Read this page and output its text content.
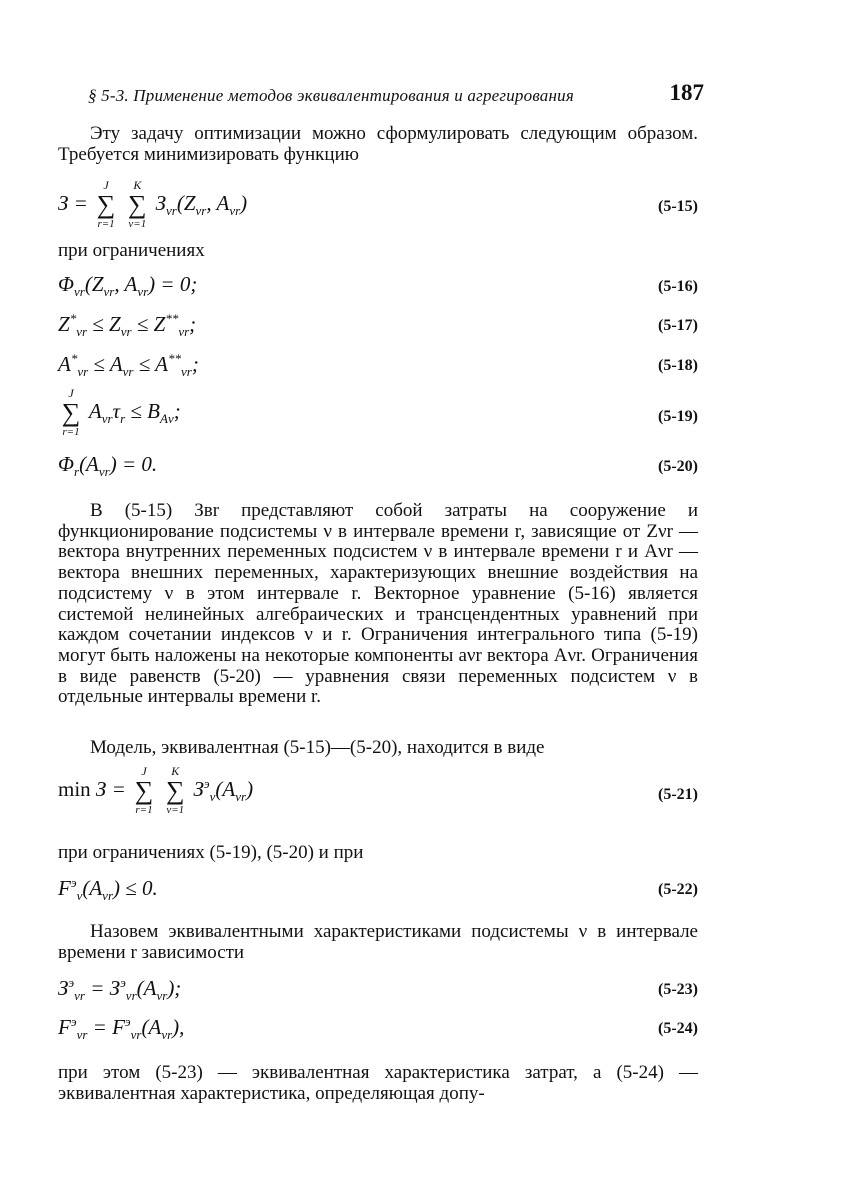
§ 5-3. Применение методов эквивалентирования и агрегирования	187
Эту задачу оптимизации можно сформулировать следующим образом. Требуется минимизировать функцию
З =
J
∑
r=1

K
∑
ν=1
$З_{\nu r}(Z_{\nu r}$, $A_{\nu r}$)	(5-15)
при ограничениях
$\Phi_{\nu r}(Z_{\nu r}$, $A_{\nu r}) = 0$;	(5-16)
$Z^*_{\nu r} \le Z_{\nu r} \le Z^{**}_{\nu r}$;	(5-17)
$A^*_{\nu r} \le A_{\nu r} \le A^{**}_{\nu r}$;	(5-18)
J
∑
r=1
$A_{\nu r}\tau_r \le B_{A\nu}$;	(5-19)
$\Phi_r(A_{\nu r}) = 0$.	(5-20)
В (5-15) Звr представляют собой затраты на сооружение и функционирование подсистемы ν в интервале времени r, зависящие от Zνr — вектора внутренних переменных подсистем ν в интервале времени r и Aνr — вектора внешних переменных, характеризующих внешние воздействия на подсистему ν в этом интервале r. Векторное уравнение (5-16) является системой нелинейных алгебраических и трансцендентных уравнений при каждом сочетании индексов ν и r. Ограничения интегрального типа (5-19) могут быть наложены на некоторые компоненты aνr вектора Aνr. Ограничения в виде равенств (5-20) — уравнения связи переменных подсистем ν в отдельные интервалы времени r.
Модель, эквивалентная (5-15)—(5-20), находится в виде
min З =
J
∑
r=1

K
∑
ν=1
$З^э_\nu(A_{\nu r})$	(5-21)
при ограничениях (5-19), (5-20) и при
$F^э_\nu(A_{\nu r}) \le 0$.	(5-22)
Назовем эквивалентными характеристиками подсистемы ν в интервале времени r зависимости
$З^э_{\nu r} = З^э_{\nu r}(A_{\nu r})$;	(5-23)
$F^э_{\nu r} = F^э_{\nu r}(A_{\nu r})$,	(5-24)
при этом (5-23) — эквивалентная характеристика затрат, а (5-24) — эквивалентная характеристика, определяющая допу-
